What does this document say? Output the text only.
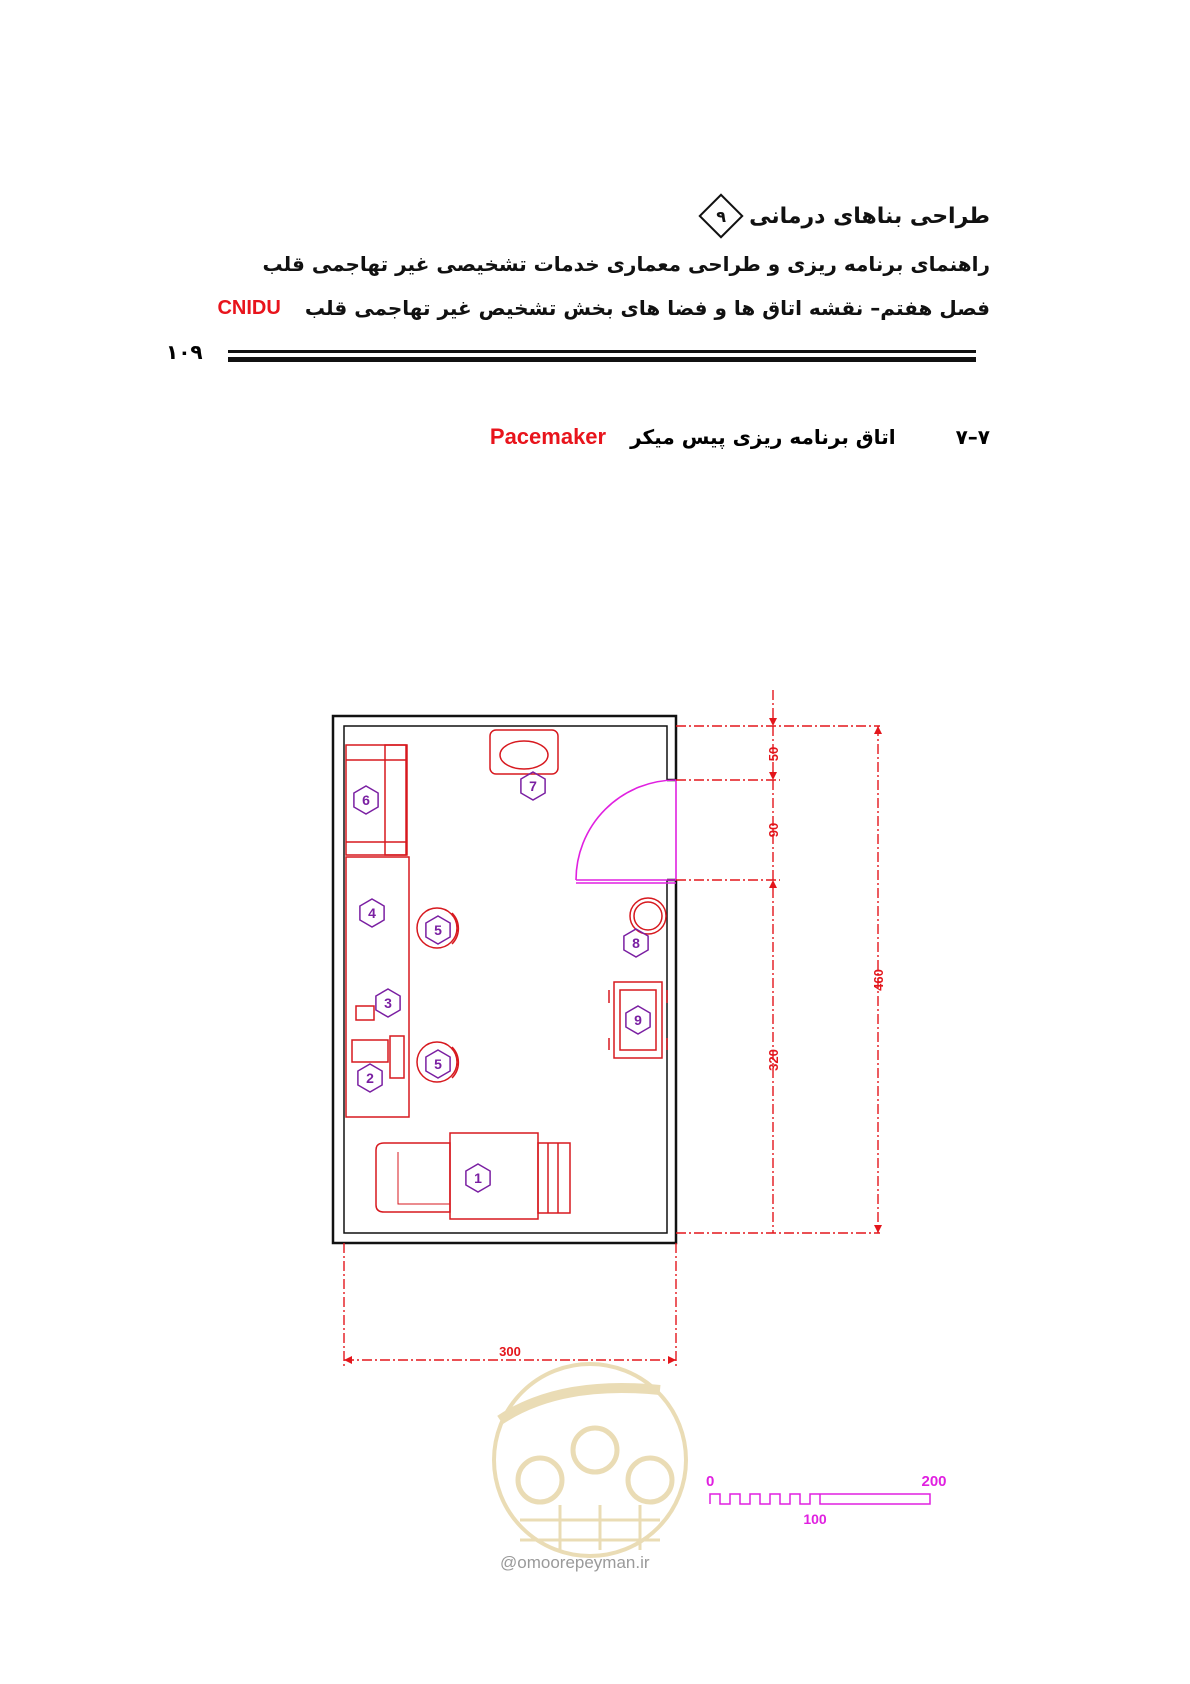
طراحی بناهای درمانی
۹
راهنمای برنامه ریزی و طراحی معماری خدمات تشخیصی غیر تهاجمی قلب
فصل هفتم– نقشه اتاق ها و فضا های بخش تشخیص غیر تهاجمی قلب
CNIDU
۱۰۹
۷–۷
اتاق برنامه ریزی پیس میکر
Pacemaker
1
2
3
4
5
5
6
7
8
9
50
90
320
460
300
0
100
200
@omoorepeyman.ir
